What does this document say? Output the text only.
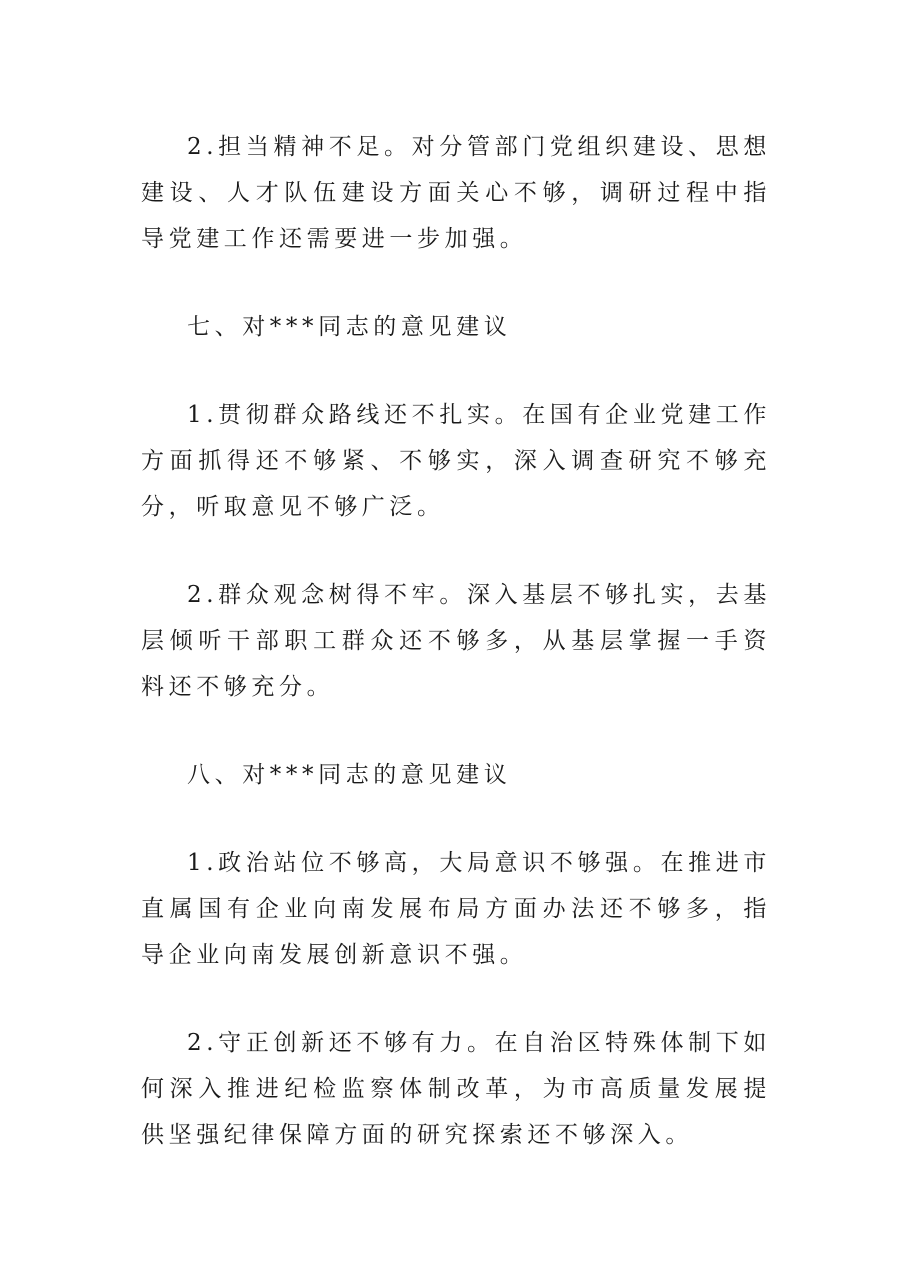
2.担当精神不足。对分管部门党组织建设、思想建设、人才队伍建设方面关心不够，调研过程中指导党建工作还需要进一步加强。

七、对***同志的意见建议

1.贯彻群众路线还不扎实。在国有企业党建工作方面抓得还不够紧、不够实，深入调查研究不够充分，听取意见不够广泛。

2.群众观念树得不牢。深入基层不够扎实，去基层倾听干部职工群众还不够多，从基层掌握一手资料还不够充分。

八、对***同志的意见建议

1.政治站位不够高，大局意识不够强。在推进市直属国有企业向南发展布局方面办法还不够多，指导企业向南发展创新意识不强。

2.守正创新还不够有力。在自治区特殊体制下如何深入推进纪检监察体制改革，为市高质量发展提供坚强纪律保障方面的研究探索还不够深入。
